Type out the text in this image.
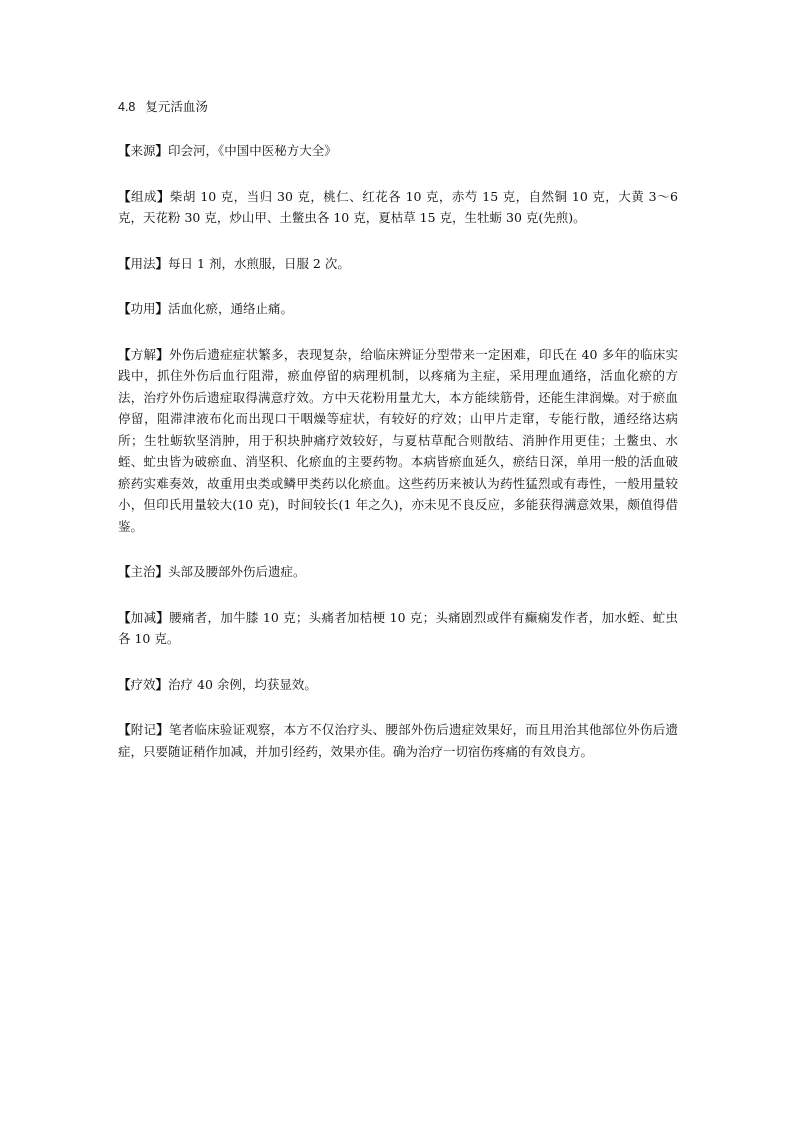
4.8 复元活血汤

【来源】印会河，《中国中医秘方大全》

【组成】柴胡 10 克，当归 30 克，桃仁、红花各 10 克，赤芍 15 克，自然铜 10 克，大黄 3～6 克，天花粉 30 克，炒山甲、土鳖虫各 10 克，夏枯草 15 克，生牡蛎 30 克(先煎)。

【用法】每日 1 剂，水煎服，日服 2 次。

【功用】活血化瘀，通络止痛。

【方解】外伤后遗症症状繁多，表现复杂，给临床辨证分型带来一定困难，印氏在 40 多年的临床实践中，抓住外伤后血行阻滞，瘀血停留的病理机制，以疼痛为主症，采用理血通络，活血化瘀的方法，治疗外伤后遗症取得满意疗效。方中天花粉用量尤大，本方能续筋骨，还能生津润燥。对于瘀血停留，阻滞津液布化而出现口干咽燥等症状，有较好的疗效；山甲片走窜，专能行散，通经络达病所；生牡蛎软坚消肿，用于积块肿痛疗效较好，与夏枯草配合则散结、消肿作用更佳；土鳖虫、水蛭、虻虫皆为破瘀血、消坚积、化瘀血的主要药物。本病皆瘀血延久，瘀结日深，单用一般的活血破瘀药实难奏效，故重用虫类或鳞甲类药以化瘀血。这些药历来被认为药性猛烈或有毒性，一般用量较小，但印氏用量较大(10 克)，时间较长(1 年之久)，亦未见不良反应，多能获得满意效果，颇值得借鉴。

【主治】头部及腰部外伤后遗症。

【加减】腰痛者，加牛膝 10 克；头痛者加桔梗 10 克；头痛剧烈或伴有癫痫发作者，加水蛭、虻虫各 10 克。

【疗效】治疗 40 余例，均获显效。

【附记】笔者临床验证观察，本方不仅治疗头、腰部外伤后遗症效果好，而且用治其他部位外伤后遗症，只要随证稍作加减，并加引经药，效果亦佳。确为治疗一切宿伤疼痛的有效良方。
